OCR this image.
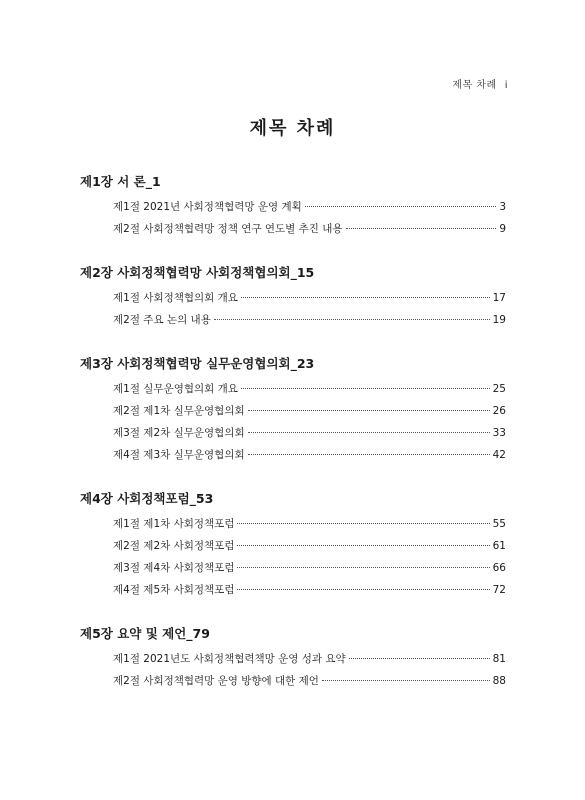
제목 차례 i
제목 차례
제1장 서 론_1
제1절 2021년 사회정책협력망 운영 계획	3
제2절 사회정책협력망 정책 연구 연도별 추진 내용	9
제2장 사회정책협력망 사회정책협의회_15
제1절 사회정책협의회 개요	17
제2절 주요 논의 내용	19
제3장 사회정책협력망 실무운영협의회_23
제1절 실무운영협의회 개요	25
제2절 제1차 실무운영협의회	26
제3절 제2차 실무운영협의회	33
제4절 제3차 실무운영협의회	42
제4장 사회정책포럼_53
제1절 제1차 사회정책포럼	55
제2절 제2차 사회정책포럼	61
제3절 제4차 사회정책포럼	66
제4절 제5차 사회정책포럼	72
제5장 요약 및 제언_79
제1절 2021년도 사회정책협력책망 운영 성과 요약	81
제2절 사회정책협력망 운영 방향에 대한 제언	88
